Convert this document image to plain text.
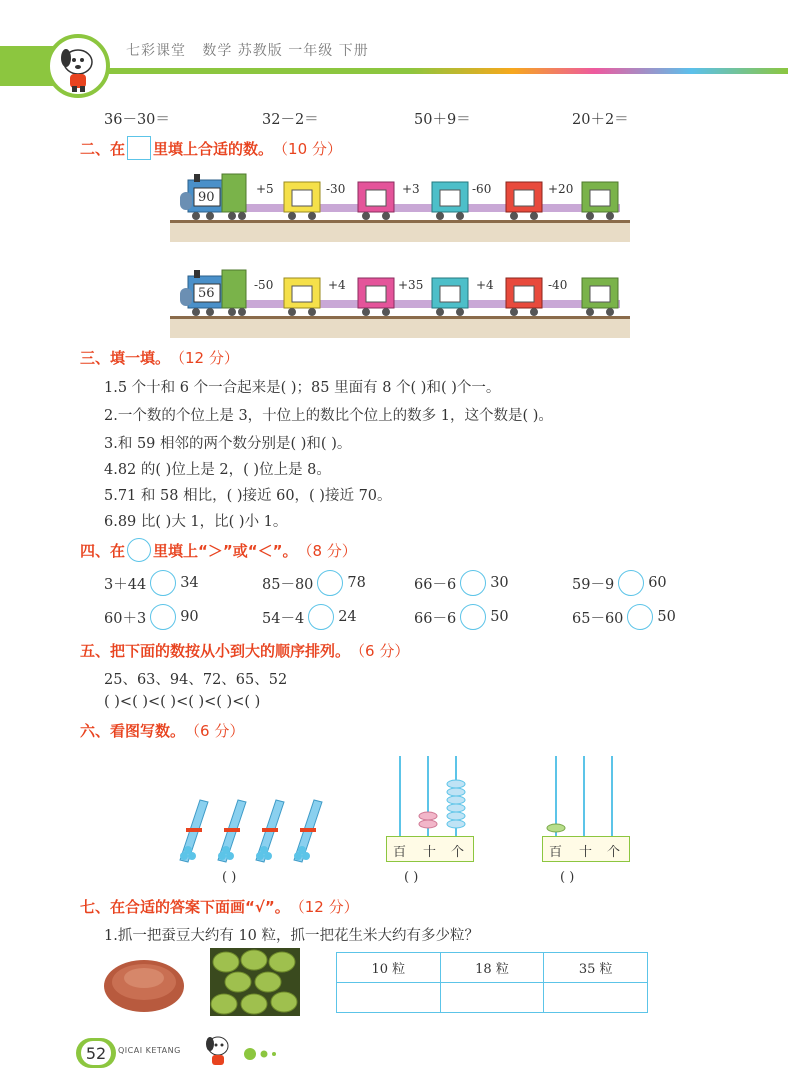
七彩课堂 数学 苏教版 一年级 下册
36－30＝	32－2＝	50＋9＝	20＋2＝
二、在 里填上合适的数。 （10 分）
90
+5	-30	+3	-60	+20
56
-50	+4	+35	+4	-40
三、填一填。 （12 分）
1.5 个十和 6 个一合起来是( )；85 里面有 8 个( )和( )个一。
2.一个数的个位上是 3，十位上的数比个位上的数多 1，这个数是( )。
3.和 59 相邻的两个数分别是( )和( )。
4.82 的( )位上是 2，( )位上是 8。
5.71 和 58 相比，( )接近 60，( )接近 70。
6.89 比( )大 1，比( )小 1。
四、在 里填上“＞”或“＜”。 （8 分）
3＋44 34	85－80 78	66－6 30	59－9 60
60＋3 90	54－4 24	66－6 50	65－60 50
五、把下面的数按从小到大的顺序排列。 （6 分）
25、63、94、72、65、52
( )<( )<( )<( )<( )<( )
六、看图写数。 （6 分）
( )
百 十 个
( )
百 十 个
( )
七、在合适的答案下面画“√”。 （12 分）
1.抓一把蚕豆大约有 10 粒，抓一把花生米大约有多少粒？
10 粒	18 粒	35 粒

52	QICAI KETANG
